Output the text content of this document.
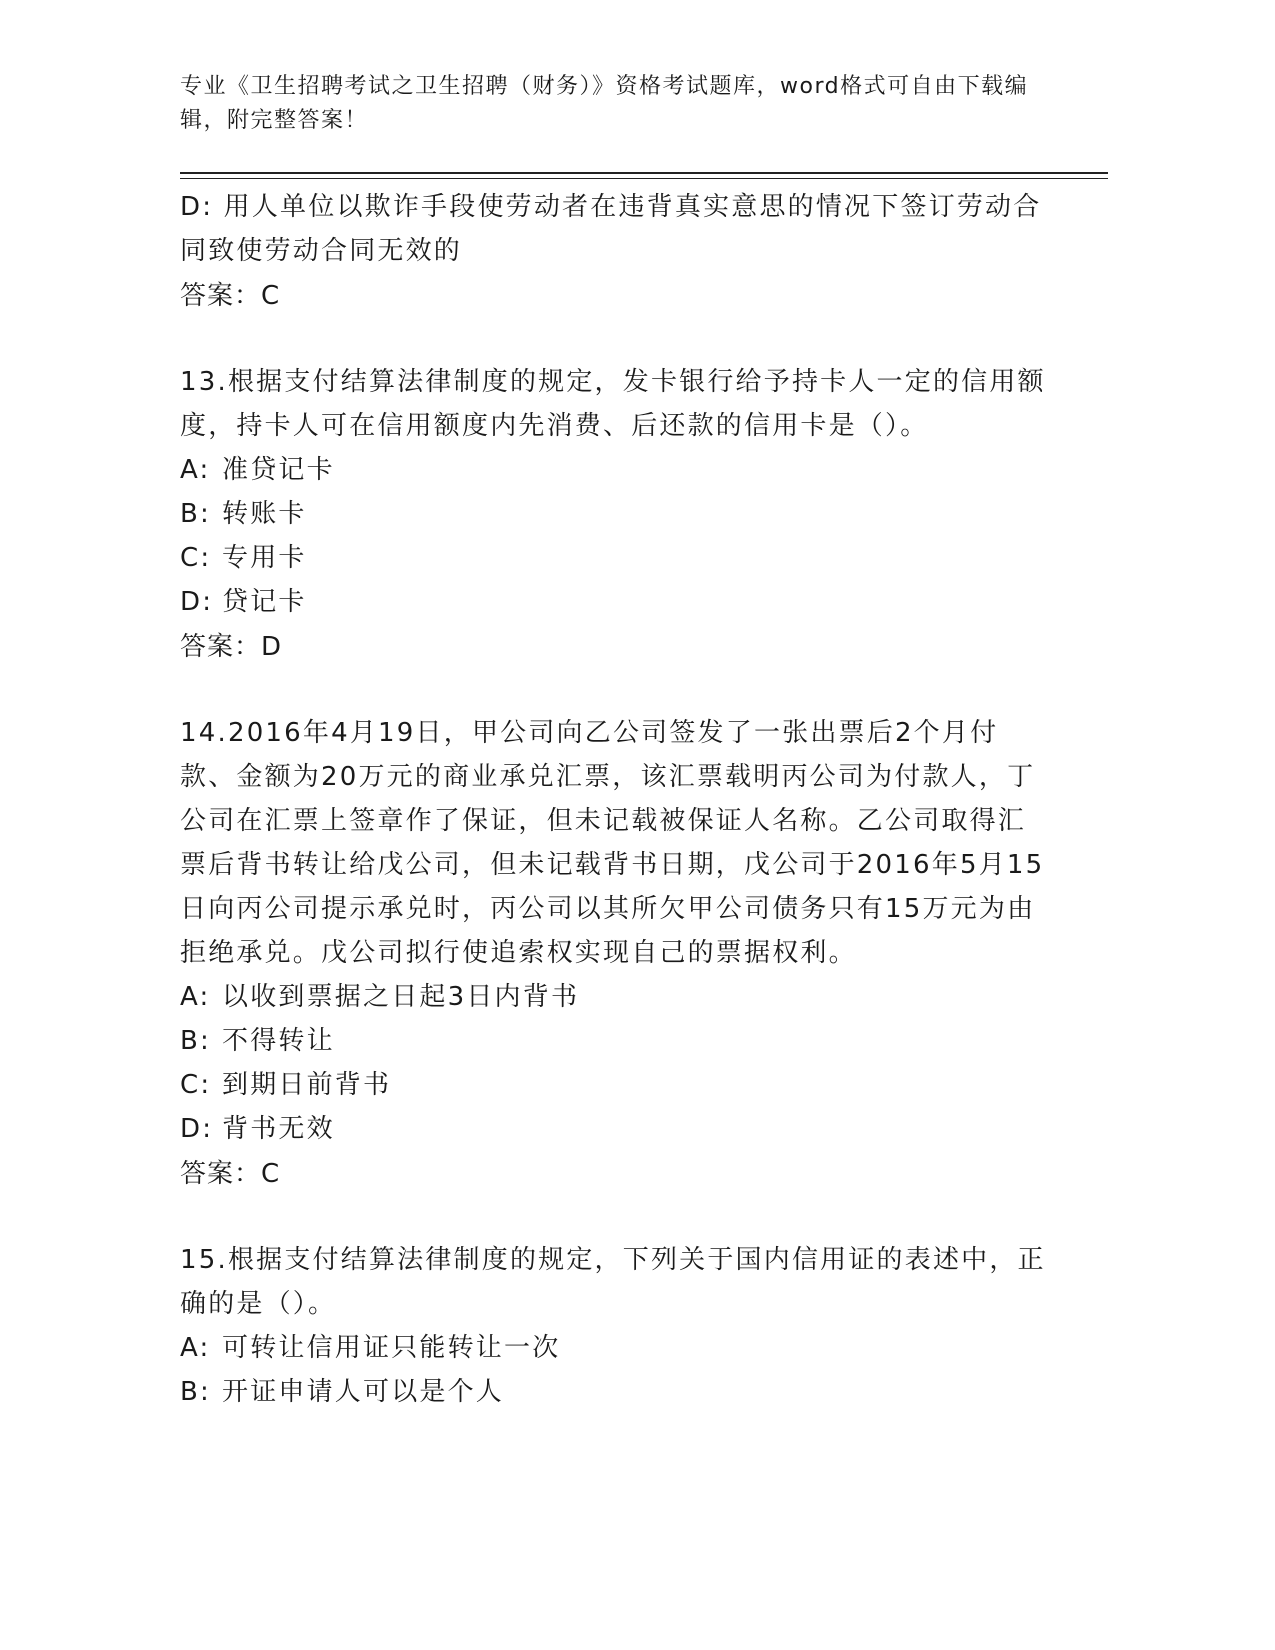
专业《卫生招聘考试之卫生招聘（财务）》资格考试题库，word格式可自由下载编辑，附完整答案！
D: 用人单位以欺诈手段使劳动者在违背真实意思的情况下签订劳动合同致使劳动合同无效的
答案：C
13.根据支付结算法律制度的规定，发卡银行给予持卡人一定的信用额度，持卡人可在信用额度内先消费、后还款的信用卡是（）。
A: 准贷记卡
B: 转账卡
C: 专用卡
D: 贷记卡
答案：D
14.2016年4月19日，甲公司向乙公司签发了一张出票后2个月付款、金额为20万元的商业承兑汇票，该汇票载明丙公司为付款人，丁公司在汇票上签章作了保证，但未记载被保证人名称。乙公司取得汇票后背书转让给戊公司，但未记载背书日期，戊公司于2016年5月15日向丙公司提示承兑时，丙公司以其所欠甲公司债务只有15万元为由拒绝承兑。戊公司拟行使追索权实现自己的票据权利。
A: 以收到票据之日起3日内背书
B: 不得转让
C: 到期日前背书
D: 背书无效
答案：C
15.根据支付结算法律制度的规定，下列关于国内信用证的表述中，正确的是（）。
A: 可转让信用证只能转让一次
B: 开证申请人可以是个人
